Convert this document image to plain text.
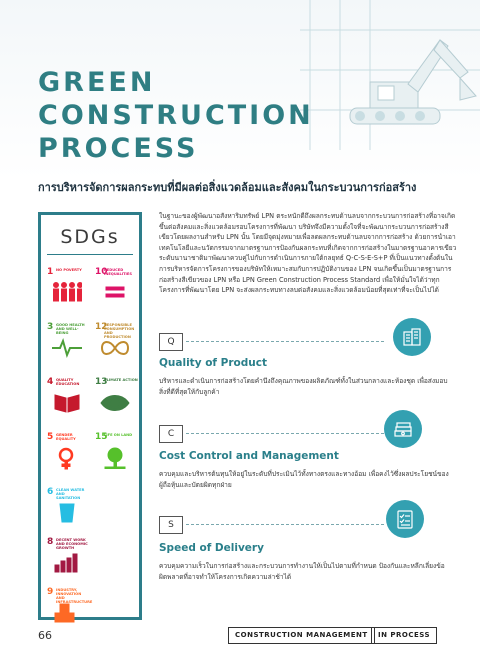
GREEN
CONSTRUCTION
PROCESS

การบริหารจัดการผลกระทบที่มีผลต่อสิ่งแวดล้อมและสังคมในกระบวนการก่อสร้าง

SDGs
1 NO POVERTY	10
REDUCED INEQUALITIES
3 GOOD HEALTH AND WELL-BEING
12
RESPONSIBLE CONSUMPTION AND PRODUCTION
4 QUALITY EDUCATION	13
CLIMATE ACTION
5 GENDER EQUALITY	15
LIFE ON LAND
6 CLEAN WATER AND SANITATION
8 DECENT WORK AND ECONOMIC GROWTH
9 INDUSTRY, INNOVATION AND INFRASTRUCTURE

ในฐานะของผู้พัฒนาอสังหาริมทรัพย์ LPN ตระหนักดีถึงผลกระทบด้านลบจากกระบวนการก่อสร้างที่อาจเกิดขึ้นต่อสังคมและสิ่งแวดล้อมรอบโครงการที่พัฒนา บริษัทจึงมีความตั้งใจที่จะพัฒนากระบวนการก่อสร้างสีเขียวโดยผลงานสำหรับ LPN นั้น โดยมีจุดมุ่งหมายเพื่อลดผลกระทบด้านลบจากการก่อสร้าง ด้วยการนำเอาเทคโนโลยีและนวัตกรรมจากมาตรฐานการป้องกันผลกระทบที่เกิดจากการก่อสร้างในมาตรฐานอาคารเขียวระดับนานาชาติมาพัฒนาควบคู่ไปกับการดำเนินการภายใต้กลยุทธ์ Q-C-S-E-S+P ที่เป็นแนวทางตั้งต้นในการบริหารจัดการโครงการของบริษัทให้เหมาะสมกับการปฏิบัติงานของ LPN จนเกิดขึ้นเป็นมาตรฐานการก่อสร้างสีเขียวของ LPN หรือ LPN Green Construction Process Standard เพื่อให้มั่นใจได้ว่าทุกโครงการที่พัฒนาโดย LPN จะส่งผลกระทบทางลบต่อสังคมและสิ่งแวดล้อมน้อยที่สุดเท่าที่จะเป็นไปได้

Q
Quality of Product

บริหารและดำเนินการก่อสร้างโดยคำนึงถึงคุณภาพของผลิตภัณฑ์ทั้งในส่วนกลางและห้องชุด เพื่อส่งมอบสิ่งที่ดีที่สุดให้กับลูกค้า

C
Cost Control and Management

ควบคุมและบริหารต้นทุนให้อยู่ในระดับที่ประเมินไว้ทั้งทางตรงและทางอ้อม เพื่อคงไว้ซึ่งผลประโยชน์ของผู้ถือหุ้นและบัตยผิดทุกฝ่าย

S
Speed of Delivery

ควบคุมความเร็วในการก่อสร้างและกระบวนการทำงานให้เป็นไปตามที่กำหนด ป้องกันและหลีกเลี่ยงข้อผิดพลาดที่อาจทำให้โครงการเกิดความล่าช้าได้

66	CONSTRUCTION MANAGEMENT	IN PROCESS
